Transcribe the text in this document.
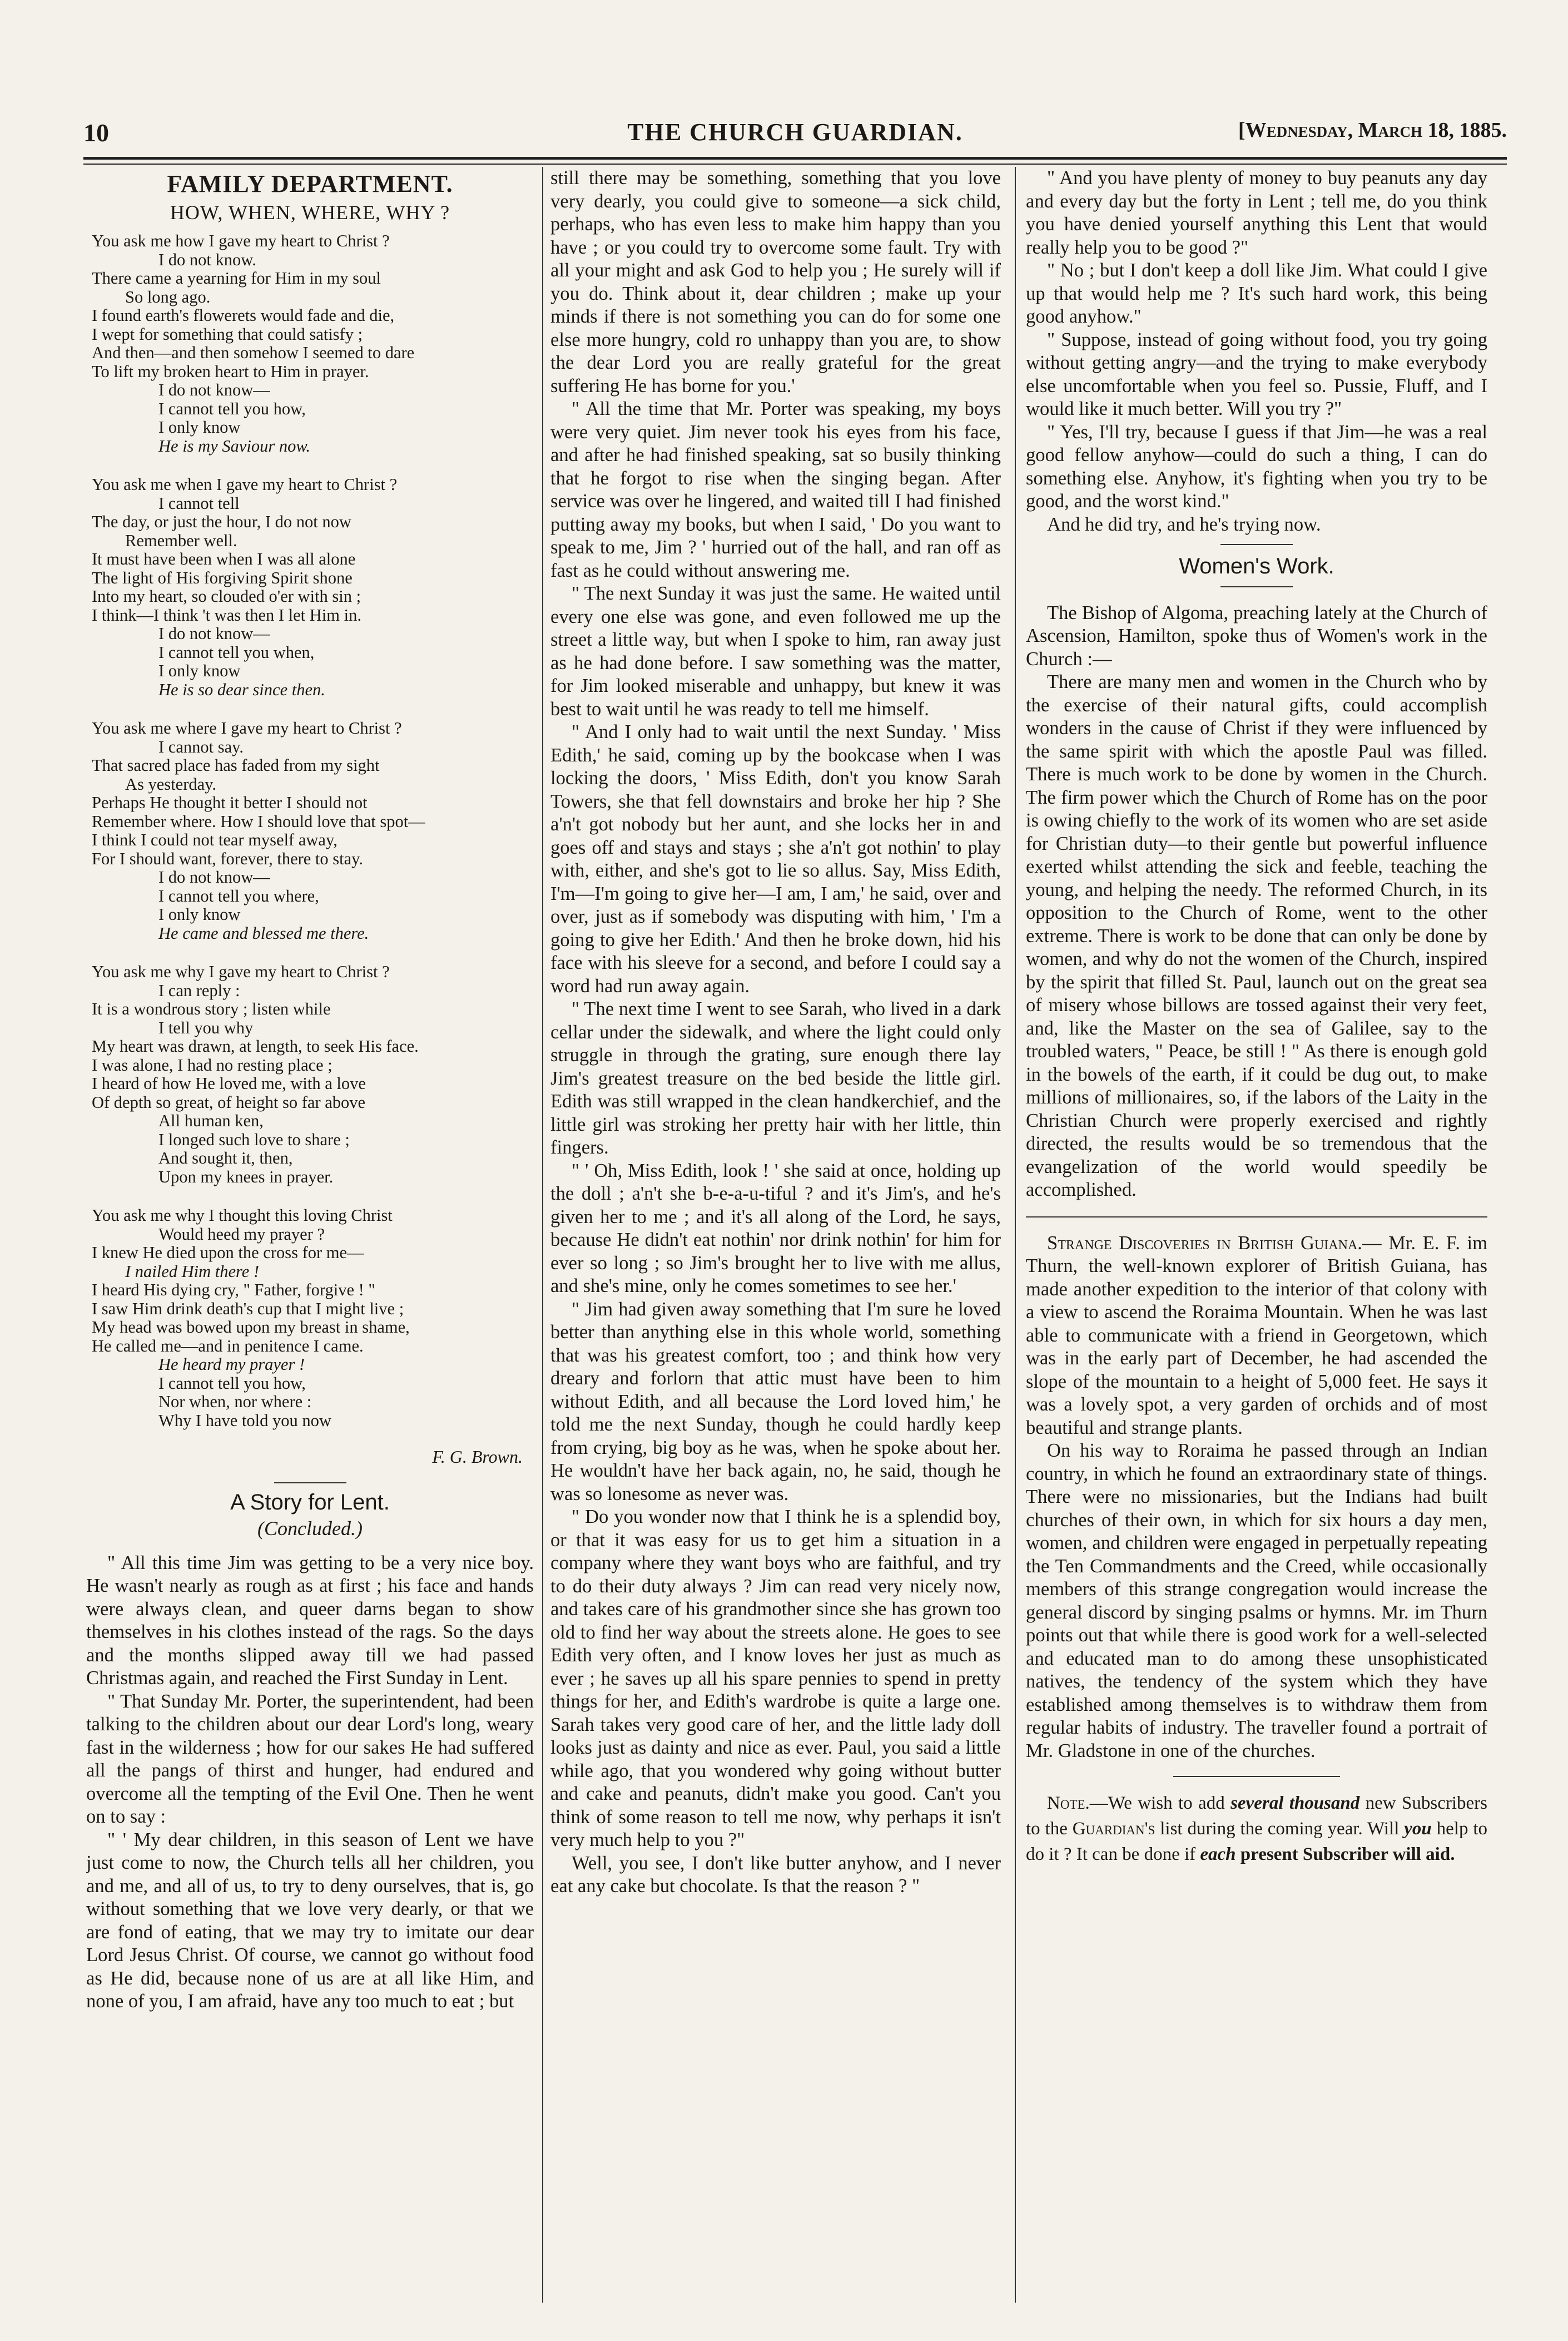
10	THE CHURCH GUARDIAN.	[Wednesday, March 18, 1885.
FAMILY DEPARTMENT.
HOW, WHEN, WHERE, WHY ?
You ask me how I gave my heart to Christ ?
I do not know.
There came a yearning for Him in my soul
So long ago.
I found earth's flowerets would fade and die,
I wept for something that could satisfy ;
And then—and then somehow I seemed to dare
To lift my broken heart to Him in prayer.
I do not know—
I cannot tell you how,
I only know
He is my Saviour now.
You ask me when I gave my heart to Christ ?
I cannot tell
The day, or just the hour, I do not now
Remember well.
It must have been when I was all alone
The light of His forgiving Spirit shone
Into my heart, so clouded o'er with sin ;
I think—I think 't was then I let Him in.
I do not know—
I cannot tell you when,
I only know
He is so dear since then.
You ask me where I gave my heart to Christ ?
I cannot say.
That sacred place has faded from my sight
As yesterday.
Perhaps He thought it better I should not
Remember where. How I should love that spot—
I think I could not tear myself away,
For I should want, forever, there to stay.
I do not know—
I cannot tell you where,
I only know
He came and blessed me there.
You ask me why I gave my heart to Christ ?
I can reply :
It is a wondrous story ; listen while
I tell you why
My heart was drawn, at length, to seek His face.
I was alone, I had no resting place ;
I heard of how He loved me, with a love
Of depth so great, of height so far above
All human ken,
I longed such love to share ;
And sought it, then,
Upon my knees in prayer.
You ask me why I thought this loving Christ
Would heed my prayer ?
I knew He died upon the cross for me—
I nailed Him there !
I heard His dying cry, " Father, forgive ! "
I saw Him drink death's cup that I might live ;
My head was bowed upon my breast in shame,
He called me—and in penitence I came.
He heard my prayer !
I cannot tell you how,
Nor when, nor where :
Why I have told you now
F. G. Brown.
A Story for Lent.
(Concluded.)

" All this time Jim was getting to be a very nice boy. He wasn't nearly as rough as at first ; his face and hands were always clean, and queer darns began to show themselves in his clothes instead of the rags. So the days and the months slipped away till we had passed Christmas again, and reached the First Sunday in Lent.

" That Sunday Mr. Porter, the superintendent, had been talking to the children about our dear Lord's long, weary fast in the wilderness ; how for our sakes He had suffered all the pangs of thirst and hunger, had endured and overcome all the tempting of the Evil One. Then he went on to say :

" ' My dear children, in this season of Lent we have just come to now, the Church tells all her children, you and me, and all of us, to try to deny ourselves, that is, go without something that we love very dearly, or that we are fond of eating, that we may try to imitate our dear Lord Jesus Christ. Of course, we cannot go without food as He did, because none of us are at all like Him, and none of you, I am afraid, have any too much to eat ; but

still there may be something, something that you love very dearly, you could give to someone—a sick child, perhaps, who has even less to make him happy than you have ; or you could try to overcome some fault. Try with all your might and ask God to help you ; He surely will if you do. Think about it, dear children ; make up your minds if there is not something you can do for some one else more hungry, cold ro unhappy than you are, to show the dear Lord you are really grateful for the great suffering He has borne for you.'

" All the time that Mr. Porter was speaking, my boys were very quiet. Jim never took his eyes from his face, and after he had finished speaking, sat so busily thinking that he forgot to rise when the singing began. After service was over he lingered, and waited till I had finished putting away my books, but when I said, ' Do you want to speak to me, Jim ? ' hurried out of the hall, and ran off as fast as he could without answering me.

" The next Sunday it was just the same. He waited until every one else was gone, and even followed me up the street a little way, but when I spoke to him, ran away just as he had done before. I saw something was the matter, for Jim looked miserable and unhappy, but knew it was best to wait until he was ready to tell me himself.

" And I only had to wait until the next Sunday. ' Miss Edith,' he said, coming up by the bookcase when I was locking the doors, ' Miss Edith, don't you know Sarah Towers, she that fell downstairs and broke her hip ? She a'n't got nobody but her aunt, and she locks her in and goes off and stays and stays ; she a'n't got nothin' to play with, either, and she's got to lie so allus. Say, Miss Edith, I'm—I'm going to give her—I am, I am,' he said, over and over, just as if somebody was disputing with him, ' I'm a going to give her Edith.' And then he broke down, hid his face with his sleeve for a second, and before I could say a word had run away again.

" The next time I went to see Sarah, who lived in a dark cellar under the sidewalk, and where the light could only struggle in through the grating, sure enough there lay Jim's greatest treasure on the bed beside the little girl. Edith was still wrapped in the clean handkerchief, and the little girl was stroking her pretty hair with her little, thin fingers.

" ' Oh, Miss Edith, look ! ' she said at once, holding up the doll ; a'n't she b-e-a-u-tiful ? and it's Jim's, and he's given her to me ; and it's all along of the Lord, he says, because He didn't eat nothin' nor drink nothin' for him for ever so long ; so Jim's brought her to live with me allus, and she's mine, only he comes sometimes to see her.'

" Jim had given away something that I'm sure he loved better than anything else in this whole world, something that was his greatest comfort, too ; and think how very dreary and forlorn that attic must have been to him without Edith, and all because the Lord loved him,' he told me the next Sunday, though he could hardly keep from crying, big boy as he was, when he spoke about her. He wouldn't have her back again, no, he said, though he was so lonesome as never was.

" Do you wonder now that I think he is a splendid boy, or that it was easy for us to get him a situation in a company where they want boys who are faithful, and try to do their duty always ? Jim can read very nicely now, and takes care of his grandmother since she has grown too old to find her way about the streets alone. He goes to see Edith very often, and I know loves her just as much as ever ; he saves up all his spare pennies to spend in pretty things for her, and Edith's wardrobe is quite a large one. Sarah takes very good care of her, and the little lady doll looks just as dainty and nice as ever. Paul, you said a little while ago, that you wondered why going without butter and cake and peanuts, didn't make you good. Can't you think of some reason to tell me now, why perhaps it isn't very much help to you ?"

Well, you see, I don't like butter anyhow, and I never eat any cake but chocolate. Is that the reason ? "

" And you have plenty of money to buy peanuts any day and every day but the forty in Lent ; tell me, do you think you have denied yourself anything this Lent that would really help you to be good ?"

" No ; but I don't keep a doll like Jim. What could I give up that would help me ? It's such hard work, this being good anyhow."

" Suppose, instead of going without food, you try going without getting angry—and the trying to make everybody else uncomfortable when you feel so. Pussie, Fluff, and I would like it much better. Will you try ?"

" Yes, I'll try, because I guess if that Jim—he was a real good fellow anyhow—could do such a thing, I can do something else. Anyhow, it's fighting when you try to be good, and the worst kind."

And he did try, and he's trying now.

Women's Work.

The Bishop of Algoma, preaching lately at the Church of Ascension, Hamilton, spoke thus of Women's work in the Church :—

There are many men and women in the Church who by the exercise of their natural gifts, could accomplish wonders in the cause of Christ if they were influenced by the same spirit with which the apostle Paul was filled. There is much work to be done by women in the Church. The firm power which the Church of Rome has on the poor is owing chiefly to the work of its women who are set aside for Christian duty—to their gentle but powerful influence exerted whilst attending the sick and feeble, teaching the young, and helping the needy. The reformed Church, in its opposition to the Church of Rome, went to the other extreme. There is work to be done that can only be done by women, and why do not the women of the Church, inspired by the spirit that filled St. Paul, launch out on the great sea of misery whose billows are tossed against their very feet, and, like the Master on the sea of Galilee, say to the troubled waters, " Peace, be still ! " As there is enough gold in the bowels of the earth, if it could be dug out, to make millions of millionaires, so, if the labors of the Laity in the Christian Church were properly exercised and rightly directed, the results would be so tremendous that the evangelization of the world would speedily be accomplished.

Strange Discoveries in British Guiana.— Mr. E. F. im Thurn, the well-known explorer of British Guiana, has made another expedition to the interior of that colony with a view to ascend the Roraima Mountain. When he was last able to communicate with a friend in Georgetown, which was in the early part of December, he had ascended the slope of the mountain to a height of 5,000 feet. He says it was a lovely spot, a very garden of orchids and of most beautiful and strange plants.

On his way to Roraima he passed through an Indian country, in which he found an extraordinary state of things. There were no missionaries, but the Indians had built churches of their own, in which for six hours a day men, women, and children were engaged in perpetually repeating the Ten Commandments and the Creed, while occasionally members of this strange congregation would increase the general discord by singing psalms or hymns. Mr. im Thurn points out that while there is good work for a well-selected and educated man to do among these unsophisticated natives, the tendency of the system which they have established among themselves is to withdraw them from regular habits of industry. The traveller found a portrait of Mr. Gladstone in one of the churches.

Note.—We wish to add several thousand new Subscribers to the Guardian's list during the coming year. Will you help to do it ? It can be done if each present Subscriber will aid.
